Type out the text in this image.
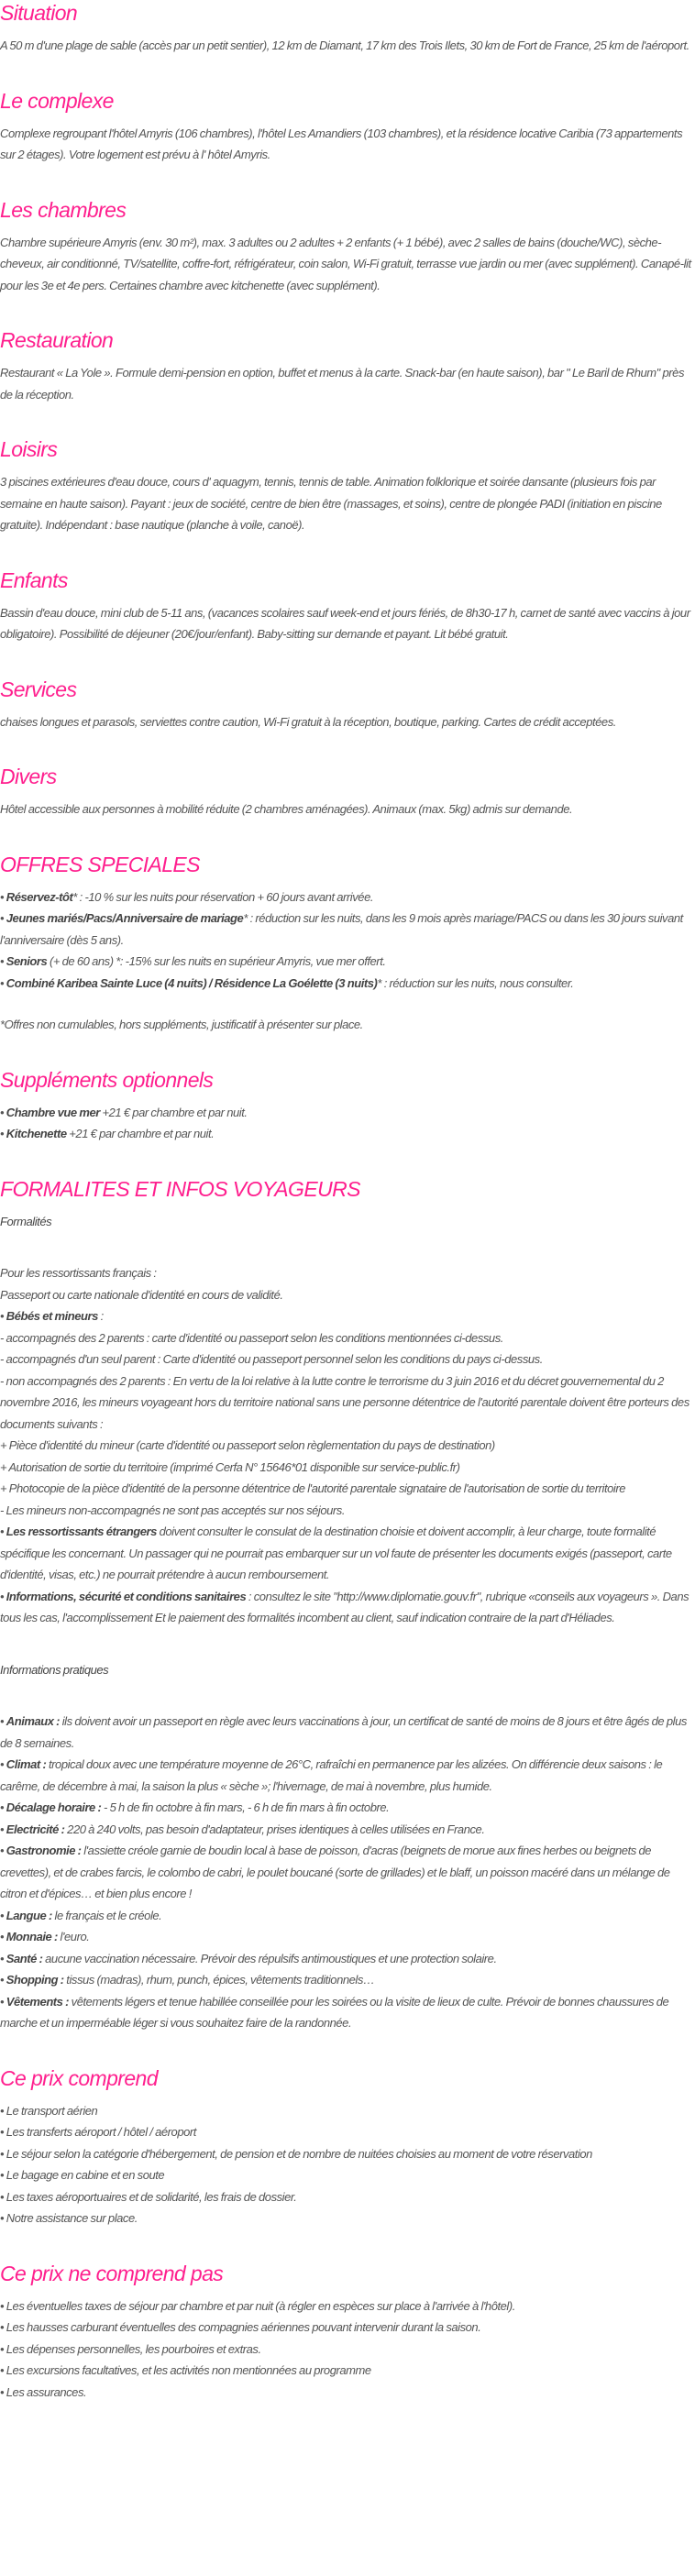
Situation

A 50 m d'une plage de sable (accès par un petit sentier), 12 km de Diamant, 17 km des Trois Ilets, 30 km de Fort de France, 25 km de l'aéroport.

Le complexe

Complexe regroupant l'hôtel Amyris (106 chambres), l'hôtel Les Amandiers (103 chambres), et la résidence locative Caribia (73 appartements sur 2 étages). Votre logement est prévu à l' hôtel Amyris.

Les chambres

Chambre supérieure Amyris (env. 30 m²), max. 3 adultes ou 2 adultes + 2 enfants (+ 1 bébé), avec 2 salles de bains (douche/WC), sèche-cheveux, air conditionné, TV/satellite, coffre-fort, réfrigérateur, coin salon, Wi-Fi gratuit, terrasse vue jardin ou mer (avec supplément). Canapé-lit pour les 3e et 4e pers. Certaines chambre avec kitchenette (avec supplément).

Restauration

Restaurant « La Yole ». Formule demi-pension en option, buffet et menus à la carte. Snack-bar (en haute saison), bar " Le Baril de Rhum" près de la réception.

Loisirs

3 piscines extérieures d'eau douce, cours d' aquagym, tennis, tennis de table. Animation folklorique et soirée dansante (plusieurs fois par semaine en haute saison). Payant : jeux de société, centre de bien être (massages, et soins), centre de plongée PADI (initiation en piscine gratuite). Indépendant : base nautique (planche à voile, canoë).

Enfants

Bassin d'eau douce, mini club de 5-11 ans, (vacances scolaires sauf week-end et jours fériés, de 8h30-17 h, carnet de santé avec vaccins à jour obligatoire). Possibilité de déjeuner (20€/jour/enfant). Baby-sitting sur demande et payant. Lit bébé gratuit.

Services

chaises longues et parasols, serviettes contre caution, Wi-Fi gratuit à la réception, boutique, parking. Cartes de crédit acceptées.

Divers

Hôtel accessible aux personnes à mobilité réduite (2 chambres aménagées). Animaux (max. 5kg) admis sur demande.

OFFRES SPECIALES
• Réservez-tôt* : -10 % sur les nuits pour réservation + 60 jours avant arrivée.
• Jeunes mariés/Pacs/Anniversaire de mariage* : réduction sur les nuits, dans les 9 mois après mariage/PACS ou dans les 30 jours suivant l'anniversaire (dès 5 ans).
• Seniors (+ de 60 ans) *: -15% sur les nuits en supérieur Amyris, vue mer offert.
• Combiné Karibea Sainte Luce (4 nuits) / Résidence La Goélette (3 nuits)* : réduction sur les nuits, nous consulter.

*Offres non cumulables, hors suppléments, justificatif à présenter sur place.

Suppléments optionnels
• Chambre vue mer +21 € par chambre et par nuit.
• Kitchenette +21 € par chambre et par nuit.
FORMALITES ET INFOS VOYAGEURS

Formalités

Pour les ressortissants français :
Passeport ou carte nationale d'identité en cours de validité.
• Bébés et mineurs :
- accompagnés des 2 parents : carte d'identité ou passeport selon les conditions mentionnées ci-dessus.
- accompagnés d'un seul parent : Carte d'identité ou passeport personnel selon les conditions du pays ci-dessus.
- non accompagnés des 2 parents : En vertu de la loi relative à la lutte contre le terrorisme du 3 juin 2016 et du décret gouvernemental du 2 novembre 2016, les mineurs voyageant hors du territoire national sans une personne détentrice de l'autorité parentale doivent être porteurs des documents suivants :
+ Pièce d'identité du mineur (carte d'identité ou passeport selon règlementation du pays de destination)
+ Autorisation de sortie du territoire (imprimé Cerfa N° 15646*01 disponible sur service-public.fr)
+ Photocopie de la pièce d'identité de la personne détentrice de l'autorité parentale signataire de l'autorisation de sortie du territoire
- Les mineurs non-accompagnés ne sont pas acceptés sur nos séjours.
• Les ressortissants étrangers doivent consulter le consulat de la destination choisie et doivent accomplir, à leur charge, toute formalité spécifique les concernant. Un passager qui ne pourrait pas embarquer sur un vol faute de présenter les documents exigés (passeport, carte d'identité, visas, etc.) ne pourrait prétendre à aucun remboursement.
• Informations, sécurité et conditions sanitaires : consultez le site "http://www.diplomatie.gouv.fr", rubrique «conseils aux voyageurs ». Dans tous les cas, l'accomplissement Et le paiement des formalités incombent au client, sauf indication contraire de la part d'Héliades.

Informations pratiques

• Animaux : ils doivent avoir un passeport en règle avec leurs vaccinations à jour, un certificat de santé de moins de 8 jours et être âgés de plus de 8 semaines.
• Climat : tropical doux avec une température moyenne de 26°C, rafraîchi en permanence par les alizées. On différencie deux saisons : le carême, de décembre à mai, la saison la plus « sèche »; l'hivernage, de mai à novembre, plus humide.
• Décalage horaire : - 5 h de fin octobre à fin mars, - 6 h de fin mars à fin octobre.
• Electricité : 220 à 240 volts, pas besoin d'adaptateur, prises identiques à celles utilisées en France.
• Gastronomie : l'assiette créole garnie de boudin local à base de poisson, d'acras (beignets de morue aux fines herbes ou beignets de crevettes), et de crabes farcis, le colombo de cabri, le poulet boucané (sorte de grillades) et le blaff, un poisson macéré dans un mélange de citron et d'épices… et bien plus encore !
• Langue : le français et le créole.
• Monnaie : l'euro.
• Santé : aucune vaccination nécessaire. Prévoir des répulsifs antimoustiques et une protection solaire.
• Shopping : tissus (madras), rhum, punch, épices, vêtements traditionnels…
• Vêtements : vêtements légers et tenue habillée conseillée pour les soirées ou la visite de lieux de culte. Prévoir de bonnes chaussures de marche et un imperméable léger si vous souhaitez faire de la randonnée.
Ce prix comprend
• Le transport aérien
• Les transferts aéroport / hôtel / aéroport
• Le séjour selon la catégorie d'hébergement, de pension et de nombre de nuitées choisies au moment de votre réservation
• Le bagage en cabine et en soute
• Les taxes aéroportuaires et de solidarité, les frais de dossier.
• Notre assistance sur place.
Ce prix ne comprend pas
• Les éventuelles taxes de séjour par chambre et par nuit (à régler en espèces sur place à l'arrivée à l'hôtel).
• Les hausses carburant éventuelles des compagnies aériennes pouvant intervenir durant la saison.
• Les dépenses personnelles, les pourboires et extras.
• Les excursions facultatives, et les activités non mentionnées au programme
• Les assurances.
